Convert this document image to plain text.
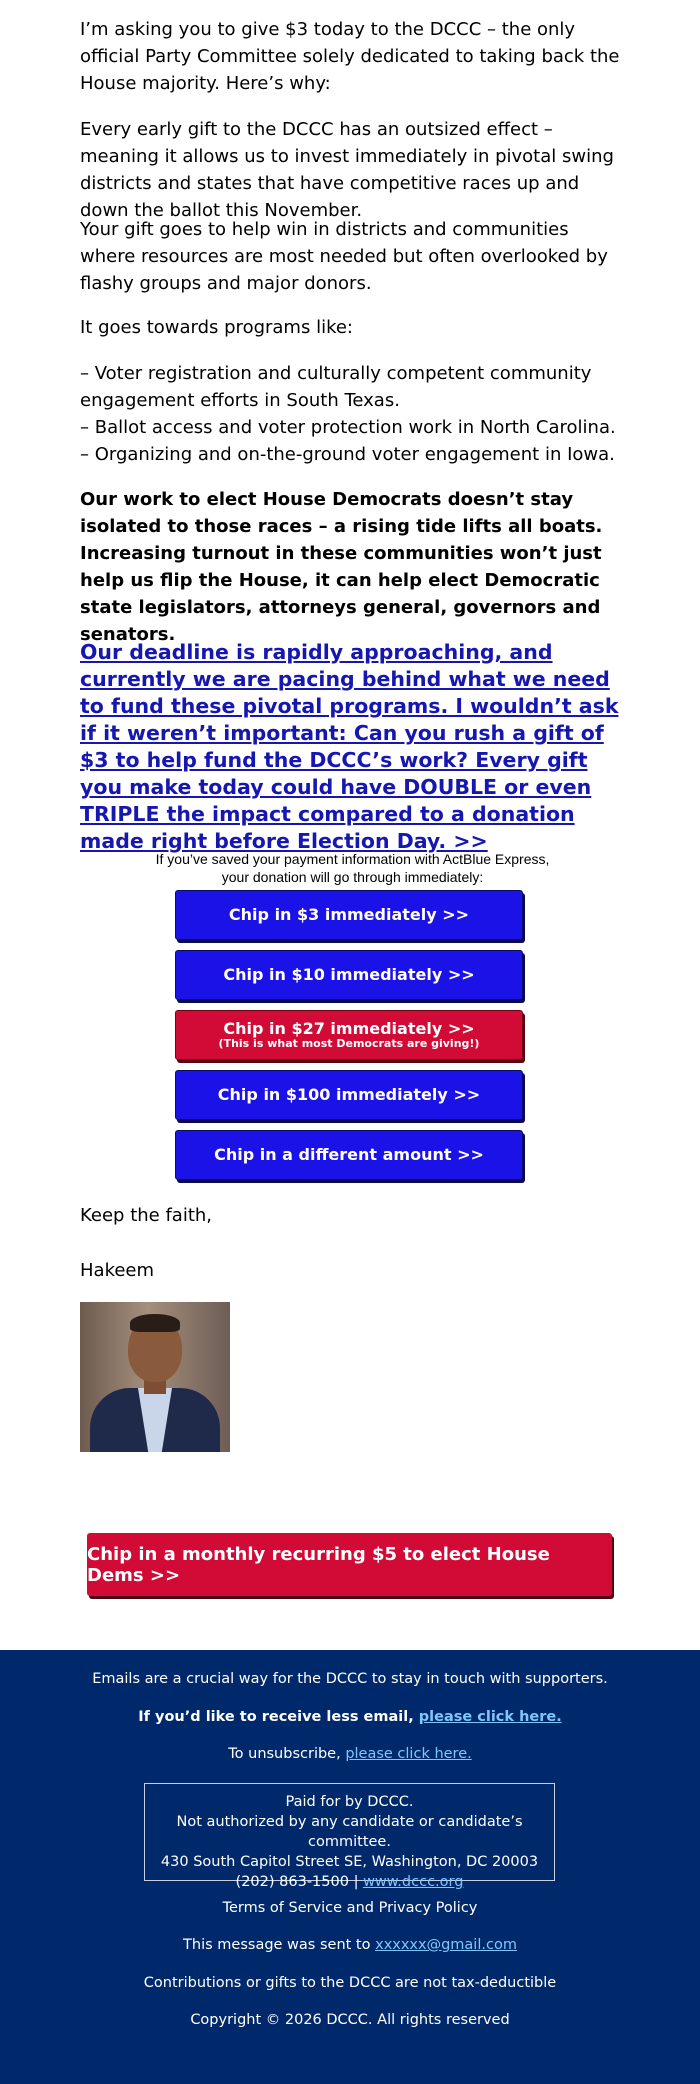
I’m asking you to give $3 today to the DCCC – the only official Party Committee solely dedicated to taking back the House majority. Here’s why:

Every early gift to the DCCC has an outsized effect – meaning it allows us to invest immediately in pivotal swing districts and states that have competitive races up and down the ballot this November.

Your gift goes to help win in districts and communities where resources are most needed but often overlooked by flashy groups and major donors.

It goes towards programs like:

– Voter registration and culturally competent community engagement efforts in South Texas.
– Ballot access and voter protection work in North Carolina.
– Organizing and on-the-ground voter engagement in Iowa.

Our work to elect House Democrats doesn’t stay isolated to those races – a rising tide lifts all boats. Increasing turnout in these communities won’t just help us flip the House, it can help elect Democratic state legislators, attorneys general, governors and senators.

Our deadline is rapidly approaching, and currently we are pacing behind what we need to fund these pivotal programs. I wouldn’t ask if it weren’t important: Can you rush a gift of $3 to help fund the DCCC’s work? Every gift you make today could have DOUBLE or even TRIPLE the impact compared to a donation made right before Election Day. >>
If you’ve saved your payment information with ActBlue Express,
your donation will go through immediately:
Chip in $3 immediately >>
Chip in $10 immediately >>
Chip in $27 immediately >>
(This is what most Democrats are giving!)
Chip in $100 immediately >>
Chip in a different amount >>
Keep the faith,
Hakeem
Chip in a monthly recurring $5 to elect House Dems >>
Emails are a crucial way for the DCCC to stay in touch with supporters.
If you’d like to receive less email, please click here.
To unsubscribe, please click here.
Paid for by DCCC.
Not authorized by any candidate or candidate’s committee.
430 South Capitol Street SE, Washington, DC 20003
(202) 863-1500 | www.dccc.org
Terms of Service and Privacy Policy
This message was sent to xxxxxx@gmail.com
Contributions or gifts to the DCCC are not tax-deductible
Copyright © 2026 DCCC. All rights reserved
